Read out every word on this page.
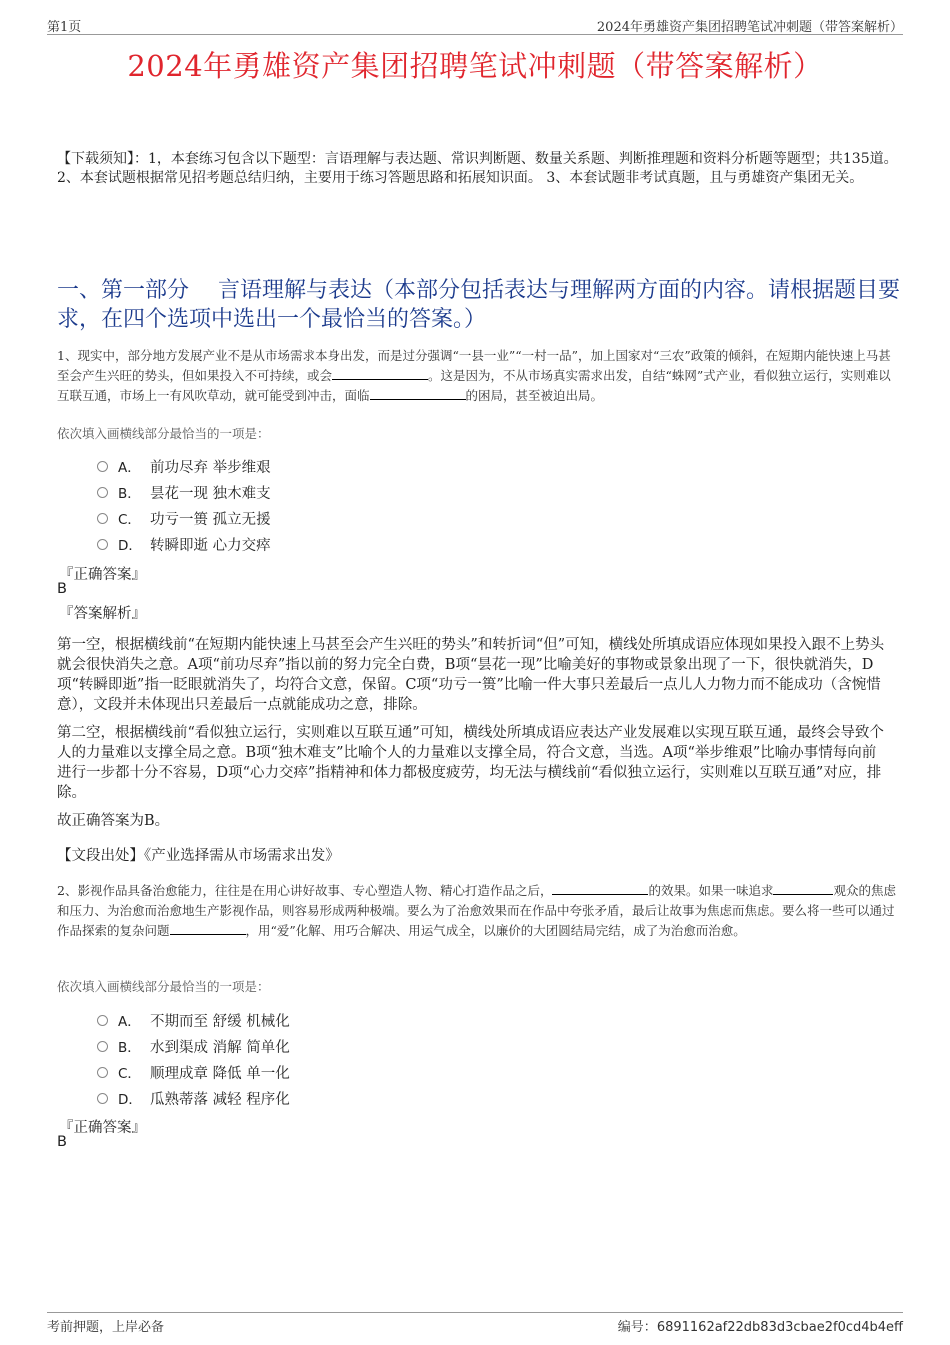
第1页	2024年勇雄资产集团招聘笔试冲刺题（带答案解析）
2024年勇雄资产集团招聘笔试冲刺题（带答案解析）
【下载须知】：1，本套练习包含以下题型：言语理解与表达题、常识判断题、数量关系题、判断推理题和资料分析题等题型；共135道。 2、本套试题根据常见招考题总结归纳，主要用于练习答题思路和拓展知识面。 3、本套试题非考试真题，且与勇雄资产集团无关。
一、第一部分　 言语理解与表达（本部分包括表达与理解两方面的内容。请根据题目要求，在四个选项中选出一个最恰当的答案。）
1、现实中，部分地方发展产业不是从市场需求本身出发，而是过分强调“一县一业”“一村一品”，加上国家对“三农”政策的倾斜，在短期内能快速上马甚至会产生兴旺的势头，但如果投入不可持续，或会	。这是因为，不从市场真实需求出发，自结“蛛网”式产业，看似独立运行，实则难以互联互通，市场上一有风吹草动，就可能受到冲击，面临	的困局，甚至被迫出局。
依次填入画横线部分最恰当的一项是：
A． 前功尽弃 举步维艰
B． 昙花一现 独木难支
C． 功亏一篑 孤立无援
D． 转瞬即逝 心力交瘁
『正确答案』
B
『答案解析』
第一空，根据横线前“在短期内能快速上马甚至会产生兴旺的势头”和转折词“但”可知，横线处所填成语应体现如果投入跟不上势头就会很快消失之意。A项“前功尽弃”指以前的努力完全白费，B项“昙花一现”比喻美好的事物或景象出现了一下，很快就消失，D项“转瞬即逝”指一眨眼就消失了，均符合文意，保留。C项“功亏一篑”比喻一件大事只差最后一点儿人力物力而不能成功（含惋惜意），文段并未体现出只差最后一点就能成功之意，排除。
第二空，根据横线前“看似独立运行，实则难以互联互通”可知，横线处所填成语应表达产业发展难以实现互联互通，最终会导致个人的力量难以支撑全局之意。B项“独木难支”比喻个人的力量难以支撑全局，符合文意，当选。A项“举步维艰”比喻办事情每向前进行一步都十分不容易，D项“心力交瘁”指精神和体力都极度疲劳，均无法与横线前“看似独立运行，实则难以互联互通”对应，排除。
故正确答案为B。
【文段出处】《产业选择需从市场需求出发》
2、影视作品具备治愈能力，往往是在用心讲好故事、专心塑造人物、精心打造作品之后，	的效果。如果一味追求	观众的焦虑和压力、为治愈而治愈地生产影视作品，则容易形成两种极端。要么为了治愈效果而在作品中夸张矛盾，最后让故事为焦虑而焦虑。要么将一些可以通过作品探索的复杂问题	，用“爱”化解、用巧合解决、用运气成全，以廉价的大团圆结局完结，成了为治愈而治愈。
依次填入画横线部分最恰当的一项是：
A． 不期而至 舒缓 机械化
B． 水到渠成 消解 简单化
C． 顺理成章 降低 单一化
D． 瓜熟蒂落 减轻 程序化
『正确答案』
B
考前押题，上岸必备	编号：6891162af22db83d3cbae2f0cd4b4eff
